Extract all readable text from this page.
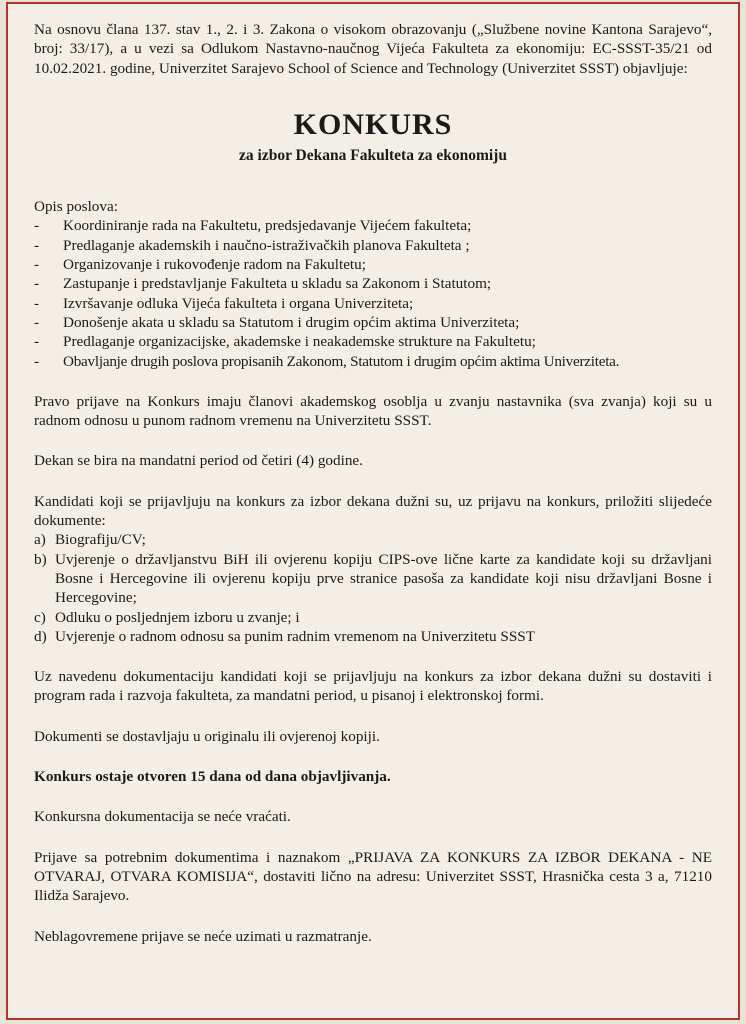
Na osnovu člana 137. stav 1., 2. i 3. Zakona o visokom obrazovanju („Službene novine Kantona Sarajevo“, broj: 33/17), a u vezi sa Odlukom Nastavno-naučnog Vijeća Fakulteta za ekonomiju: EC-SSST-35/21 od 10.02.2021. godine, Univerzitet Sarajevo School of Science and Technology (Univerzitet SSST) objavljuje:

KONKURS
za izbor Dekana Fakulteta za ekonomiju
Opis poslova:
-	Koordiniranje rada na Fakultetu, predsjedavanje Vijećem fakulteta;
-	Predlaganje akademskih i naučno-istraživačkih planova Fakulteta ;
-	Organizovanje i rukovođenje radom na Fakultetu;
-	Zastupanje i predstavljanje Fakulteta u skladu sa Zakonom i Statutom;
-	Izvršavanje odluka Vijeća fakulteta i organa Univerziteta;
-	Donošenje akata u skladu sa Statutom i drugim općim aktima Univerziteta;
-	Predlaganje organizacijske, akademske i neakademske strukture na Fakultetu;
-	Obavljanje drugih poslova propisanih Zakonom, Statutom i drugim općim aktima Univerziteta.

Pravo prijave na Konkurs imaju članovi akademskog osoblja u zvanju nastavnika (sva zvanja) koji su u radnom odnosu u punom radnom vremenu na Univerzitetu SSST.

Dekan se bira na mandatni period od četiri (4) godine.

Kandidati koji se prijavljuju na konkurs za izbor dekana dužni su, uz prijavu na konkurs, priložiti slijedeće dokumente:

a) Biografiju/CV;
b) Uvjerenje o državljanstvu BiH ili ovjerenu kopiju CIPS-ove lične karte za kandidate koji su državljani Bosne i Hercegovine ili ovjerenu kopiju prve stranice pasoša za kandidate koji nisu državljani Bosne i Hercegovine;
c) Odluku o posljednjem izboru u zvanje; i
d) Uvjerenje o radnom odnosu sa punim radnim vremenom na Univerzitetu SSST

Uz navedenu dokumentaciju kandidati koji se prijavljuju na konkurs za izbor dekana dužni su dostaviti i program rada i razvoja fakulteta, za mandatni period, u pisanoj i elektronskoj formi.

Dokumenti se dostavljaju u originalu ili ovjerenoj kopiji.

Konkurs ostaje otvoren 15 dana od dana objavljivanja.

Konkursna dokumentacija se neće vraćati.

Prijave sa potrebnim dokumentima i naznakom „PRIJAVA ZA KONKURS ZA IZBOR DEKANA - NE OTVARAJ, OTVARA KOMISIJA“, dostaviti lično na adresu: Univerzitet SSST, Hrasnička cesta 3 a, 71210 Ilidža Sarajevo.

Neblagovremene prijave se neće uzimati u razmatranje.
